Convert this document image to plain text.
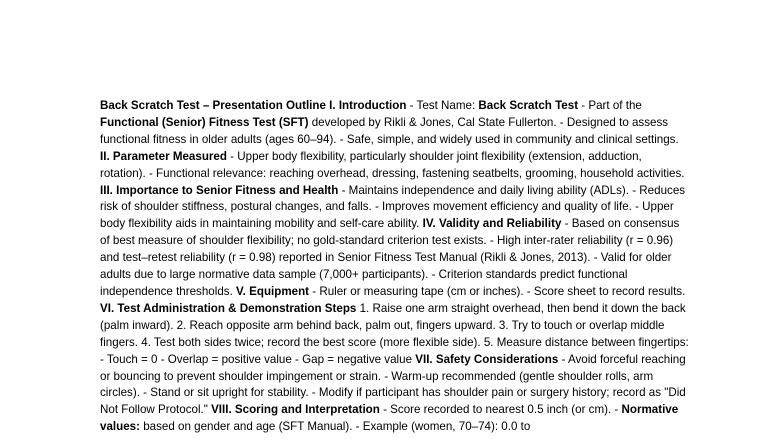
Back Scratch Test – Presentation Outline I. Introduction - Test Name: Back Scratch Test - Part of the Functional (Senior) Fitness Test (SFT) developed by Rikli & Jones, Cal State Fullerton. - Designed to assess functional fitness in older adults (ages 60–94). - Safe, simple, and widely used in community and clinical settings. II. Parameter Measured - Upper body flexibility, particularly shoulder joint flexibility (extension, adduction, rotation). - Functional relevance: reaching overhead, dressing, fastening seatbelts, grooming, household activities. III. Importance to Senior Fitness and Health - Maintains independence and daily living ability (ADLs). - Reduces risk of shoulder stiffness, postural changes, and falls. - Improves movement efficiency and quality of life. - Upper body flexibility aids in maintaining mobility and self-care ability. IV. Validity and Reliability - Based on consensus of best measure of shoulder flexibility; no gold-standard criterion test exists. - High inter-rater reliability (r = 0.96) and test–retest reliability (r = 0.98) reported in Senior Fitness Test Manual (Rikli & Jones, 2013). - Valid for older adults due to large normative data sample (7,000+ participants). - Criterion standards predict functional independence thresholds. V. Equipment - Ruler or measuring tape (cm or inches). - Score sheet to record results. VI. Test Administration & Demonstration Steps 1. Raise one arm straight overhead, then bend it down the back (palm inward). 2. Reach opposite arm behind back, palm out, fingers upward. 3. Try to touch or overlap middle fingers. 4. Test both sides twice; record the best score (more flexible side). 5. Measure distance between fingertips: - Touch = 0 - Overlap = positive value - Gap = negative value VII. Safety Considerations - Avoid forceful reaching or bouncing to prevent shoulder impingement or strain. - Warm-up recommended (gentle shoulder rolls, arm circles). - Stand or sit upright for stability. - Modify if participant has shoulder pain or surgery history; record as "Did Not Follow Protocol." VIII. Scoring and Interpretation - Score recorded to nearest 0.5 inch (or cm). - Normative values: based on gender and age (SFT Manual). - Example (women, 70–74): 0.0 to
